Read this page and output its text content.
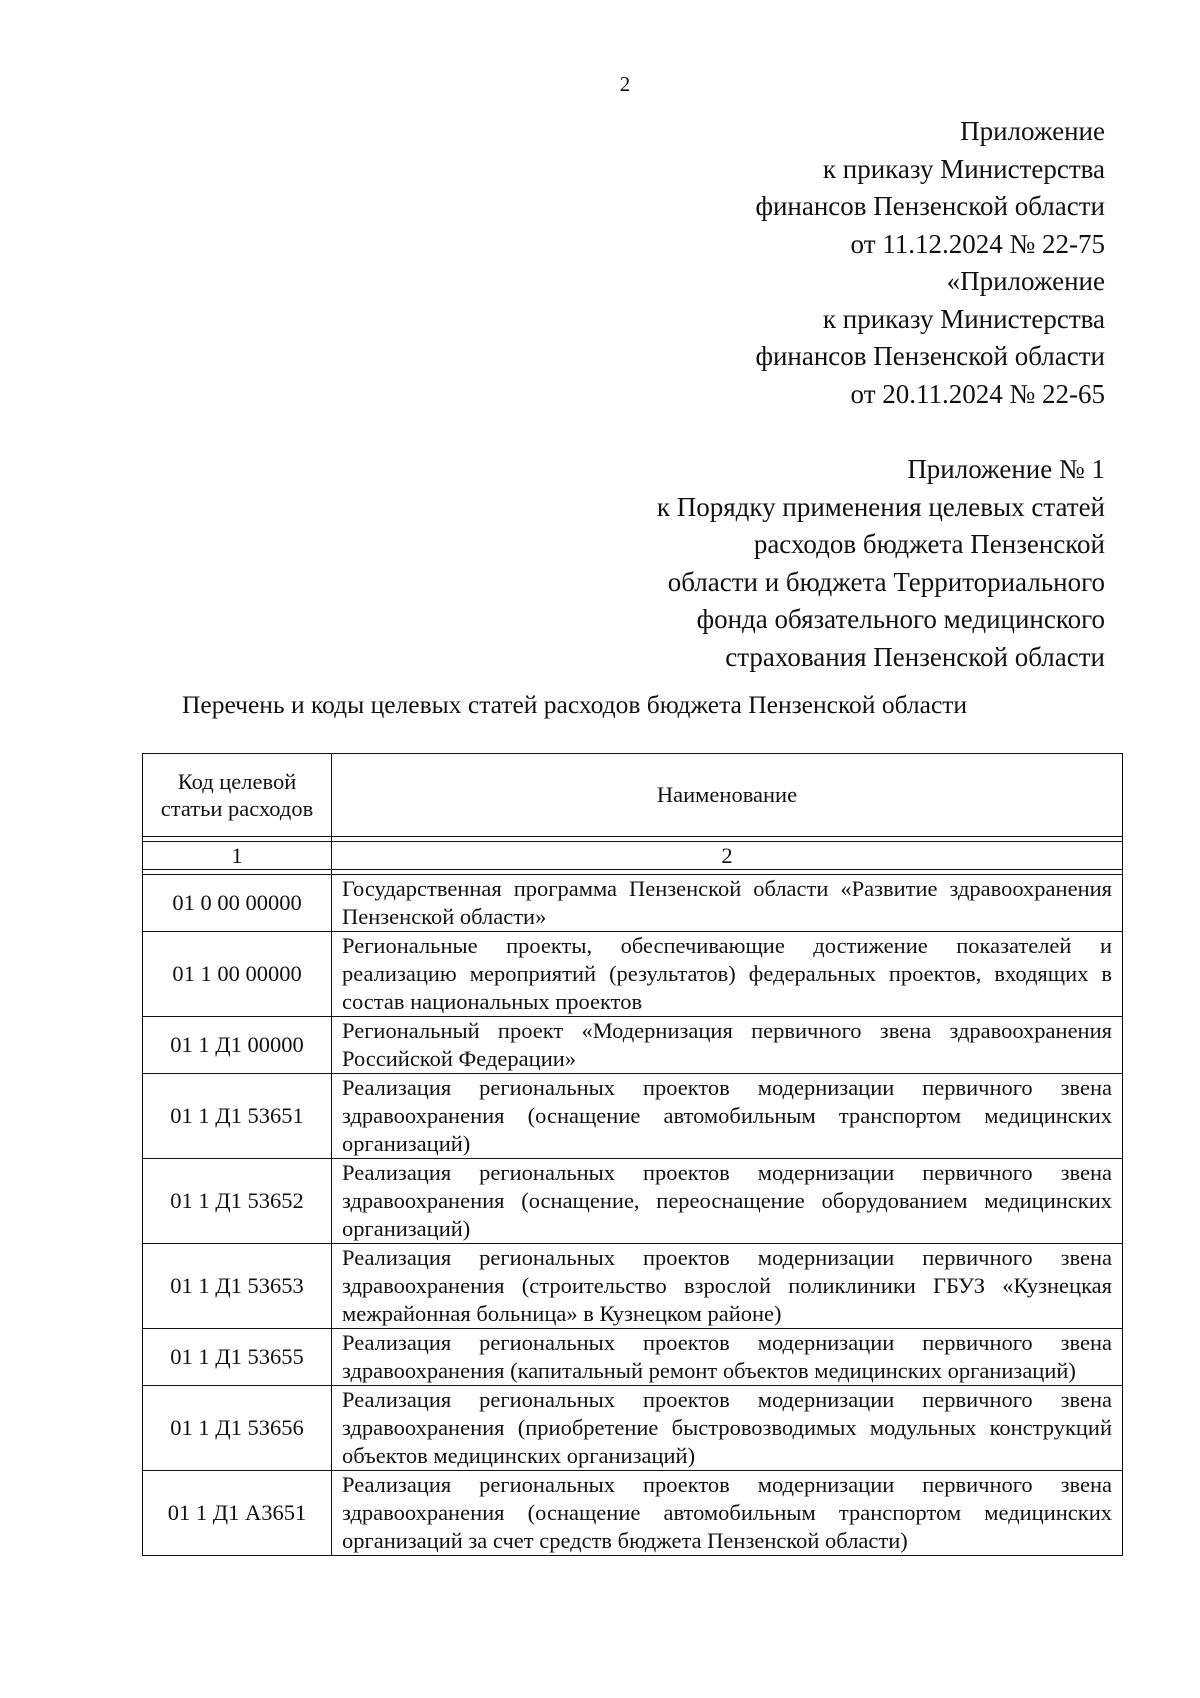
2
Приложение
к приказу Министерства
финансов Пензенской области
от 11.12.2024 № 22-75
«Приложение
к приказу Министерства
финансов Пензенской области
от 20.11.2024 № 22-65
Приложение № 1
к Порядку применения целевых статей
расходов бюджета Пензенской
области и бюджета Территориального
фонда обязательного медицинского
страхования Пензенской области
Перечень и коды целевых статей расходов бюджета Пензенской области
Код целевой статьи расходов	Наименование

1	2

01 0 00 00000	Государственная программа Пензенской области «Развитие здравоохранения Пензенской области»
01 1 00 00000	Региональные проекты, обеспечивающие достижение показателей и реализацию мероприятий (результатов) федеральных проектов, входящих в состав национальных проектов
01 1 Д1 00000	Региональный проект «Модернизация первичного звена здравоохранения Российской Федерации»
01 1 Д1 53651	Реализация региональных проектов модернизации первичного звена здравоохранения (оснащение автомобильным транспортом медицинских организаций)
01 1 Д1 53652	Реализация региональных проектов модернизации первичного звена здравоохранения (оснащение, переоснащение оборудованием медицинских организаций)
01 1 Д1 53653	Реализация региональных проектов модернизации первичного звена здравоохранения (строительство взрослой поликлиники ГБУЗ «Кузнецкая межрайонная больница» в Кузнецком районе)
01 1 Д1 53655	Реализация региональных проектов модернизации первичного звена здравоохранения (капитальный ремонт объектов медицинских организаций)
01 1 Д1 53656	Реализация региональных проектов модернизации первичного звена здравоохранения (приобретение быстровозводимых модульных конструкций объектов медицинских организаций)
01 1 Д1 А3651	Реализация региональных проектов модернизации первичного звена здравоохранения (оснащение автомобильным транспортом медицинских организаций за счет средств бюджета Пензенской области)
